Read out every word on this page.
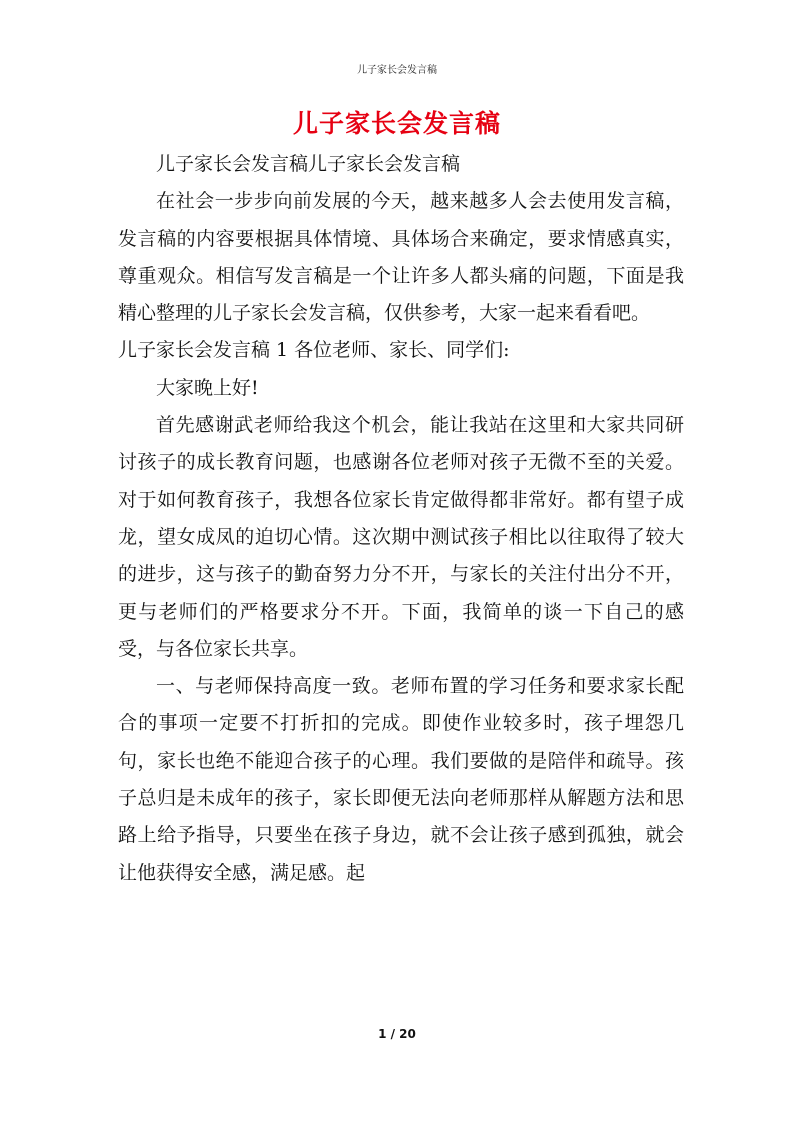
儿子家长会发言稿
儿子家长会发言稿

儿子家长会发言稿儿子家长会发言稿

在社会一步步向前发展的今天，越来越多人会去使用发言稿，发言稿的内容要根据具体情境、具体场合来确定，要求情感真实，尊重观众。相信写发言稿是一个让许多人都头痛的问题，下面是我精心整理的儿子家长会发言稿，仅供参考，大家一起来看看吧。

儿子家长会发言稿 1 各位老师、家长、同学们:

大家晚上好!

首先感谢武老师给我这个机会，能让我站在这里和大家共同研讨孩子的成长教育问题，也感谢各位老师对孩子无微不至的关爱。对于如何教育孩子，我想各位家长肯定做得都非常好。都有望子成龙，望女成凤的迫切心情。这次期中测试孩子相比以往取得了较大的进步，这与孩子的勤奋努力分不开，与家长的关注付出分不开，更与老师们的严格要求分不开。下面，我简单的谈一下自己的感受，与各位家长共享。

一、与老师保持高度一致。老师布置的学习任务和要求家长配合的事项一定要不打折扣的完成。即使作业较多时，孩子埋怨几句，家长也绝不能迎合孩子的心理。我们要做的是陪伴和疏导。孩子总归是未成年的孩子，家长即便无法向老师那样从解题方法和思路上给予指导，只要坐在孩子身边，就不会让孩子感到孤独，就会让他获得安全感，满足感。起

1 / 20
